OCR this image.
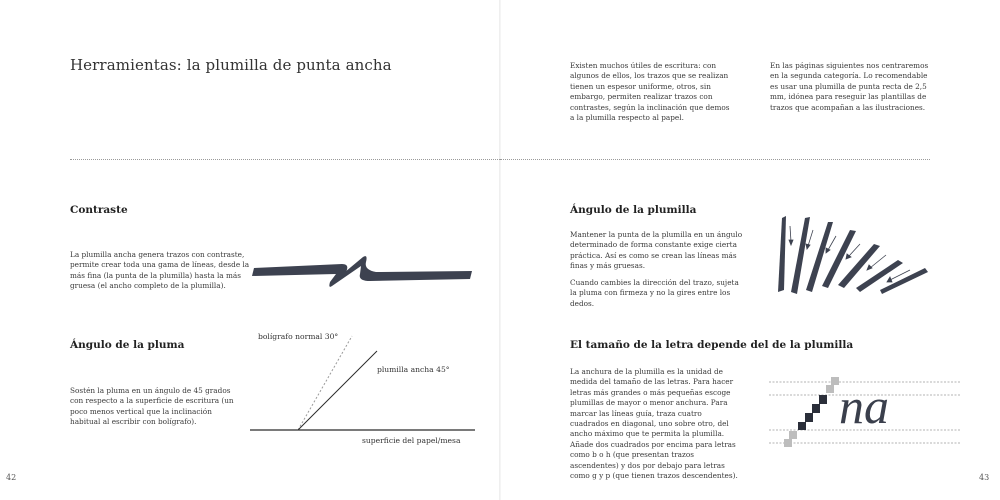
Herramientas: la plumilla de punta ancha
Contraste
La plumilla ancha genera trazos con contraste, permite crear toda una gama de líneas, desde la más fina (la punta de la plumilla) hasta la más gruesa (el ancho completo de la plumilla).
Ángulo de la pluma
Sostén la pluma en un ángulo de 45 grados con respecto a la superficie de escritura (un poco menos vertical que la inclinación habitual al escribir con bolígrafo).
bolígrafo normal 30°
plumilla ancha 45°
superficie del papel/mesa
42
Existen muchos útiles de escritura: con algunos de ellos, los trazos que se realizan tienen un espesor uniforme, otros, sin embargo, permiten realizar trazos con contrastes, según la inclinación que demos a la plumilla respecto al papel.
En las páginas siguientes nos centraremos en la segunda categoría. Lo recomendable es usar una plumilla de punta recta de 2,5 mm, idónea para reseguir las plantillas de trazos que acompañan a las ilustraciones.
Ángulo de la plumilla
Mantener la punta de la plumilla en un ángulo determinado de forma constante exige cierta práctica. Así es como se crean las líneas más finas y más gruesas.
Cuando cambies la dirección del trazo, sujeta la pluma con firmeza y no la gires entre los dedos.
El tamaño de la letra depende del de la plumilla
La anchura de la plumilla es la unidad de medida del tamaño de las letras. Para hacer letras más grandes o más pequeñas escoge plumillas de mayor o menor anchura. Para marcar las líneas guía, traza cuatro cuadrados en diagonal, uno sobre otro, del ancho máximo que te permita la plumilla. Añade dos cuadrados por encima para letras como b o h (que presentan trazos ascendentes) y dos por debajo para letras como g y p (que tienen trazos descendentes).
na
43
